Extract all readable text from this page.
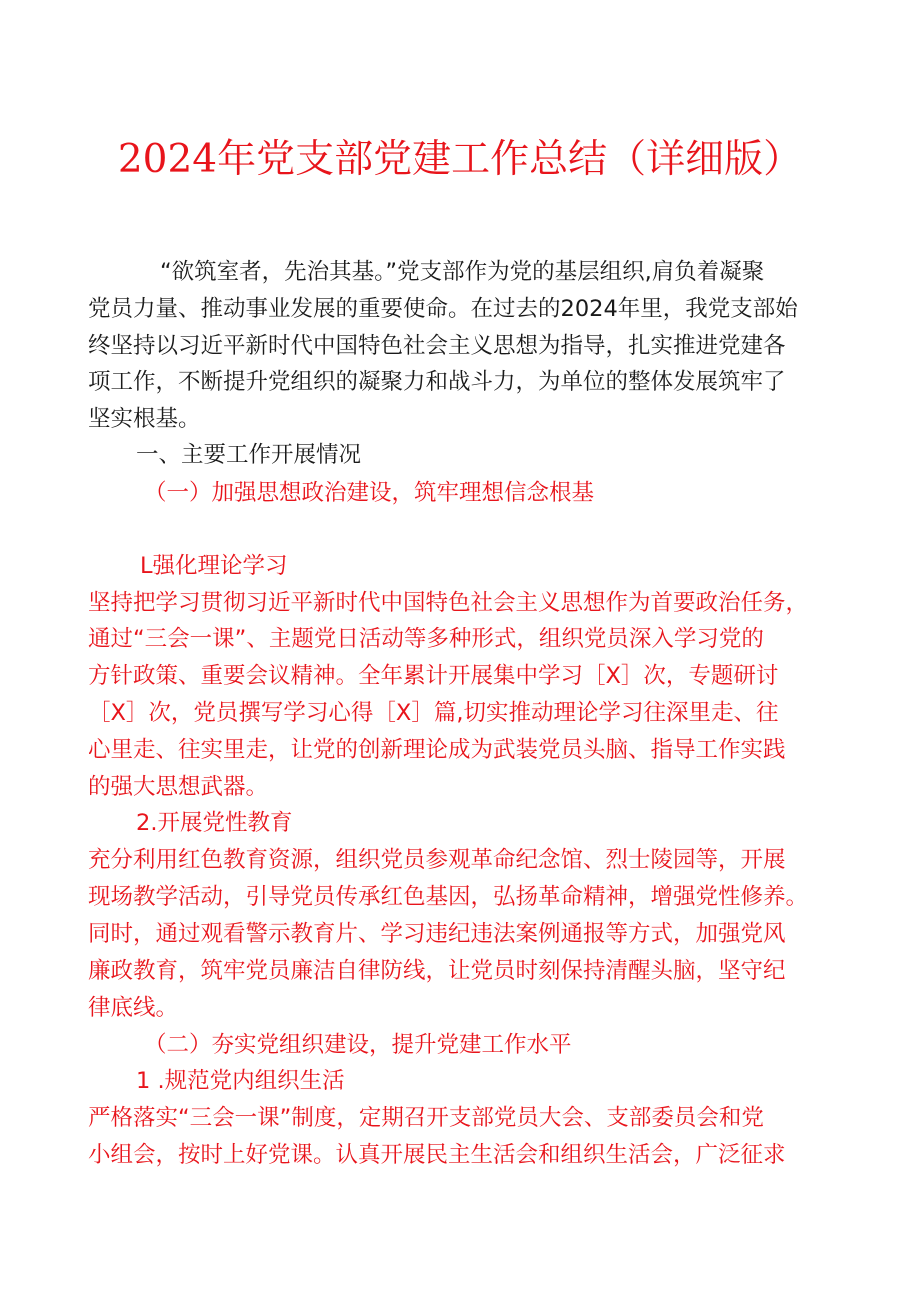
2024年党支部党建工作总结（详细版）
“欲筑室者，先治其基。”党支部作为党的基层组织,肩负着凝聚
党员力量、推动事业发展的重要使命。在过去的2024年里，我党支部始
终坚持以习近平新时代中国特色社会主义思想为指导，扎实推进党建各
项工作，不断提升党组织的凝聚力和战斗力，为单位的整体发展筑牢了
坚实根基。
一、主要工作开展情况
（一）加强思想政治建设，筑牢理想信念根基
L强化理论学习
坚持把学习贯彻习近平新时代中国特色社会主义思想作为首要政治任务，
通过“三会一课”、主题党日活动等多种形式，组织党员深入学习党的
方针政策、重要会议精神。全年累计开展集中学习［X］次，专题研讨
［X］次，党员撰写学习心得［X］篇,切实推动理论学习往深里走、往
心里走、往实里走，让党的创新理论成为武装党员头脑、指导工作实践
的强大思想武器。
2.开展党性教育
充分利用红色教育资源，组织党员参观革命纪念馆、烈士陵园等，开展
现场教学活动，引导党员传承红色基因，弘扬革命精神，增强党性修养。
同时，通过观看警示教育片、学习违纪违法案例通报等方式，加强党风
廉政教育，筑牢党员廉洁自律防线，让党员时刻保持清醒头脑，坚守纪
律底线。
（二）夯实党组织建设，提升党建工作水平
1 .规范党内组织生活
严格落实“三会一课”制度，定期召开支部党员大会、支部委员会和党
小组会，按时上好党课。认真开展民主生活会和组织生活会，广泛征求
